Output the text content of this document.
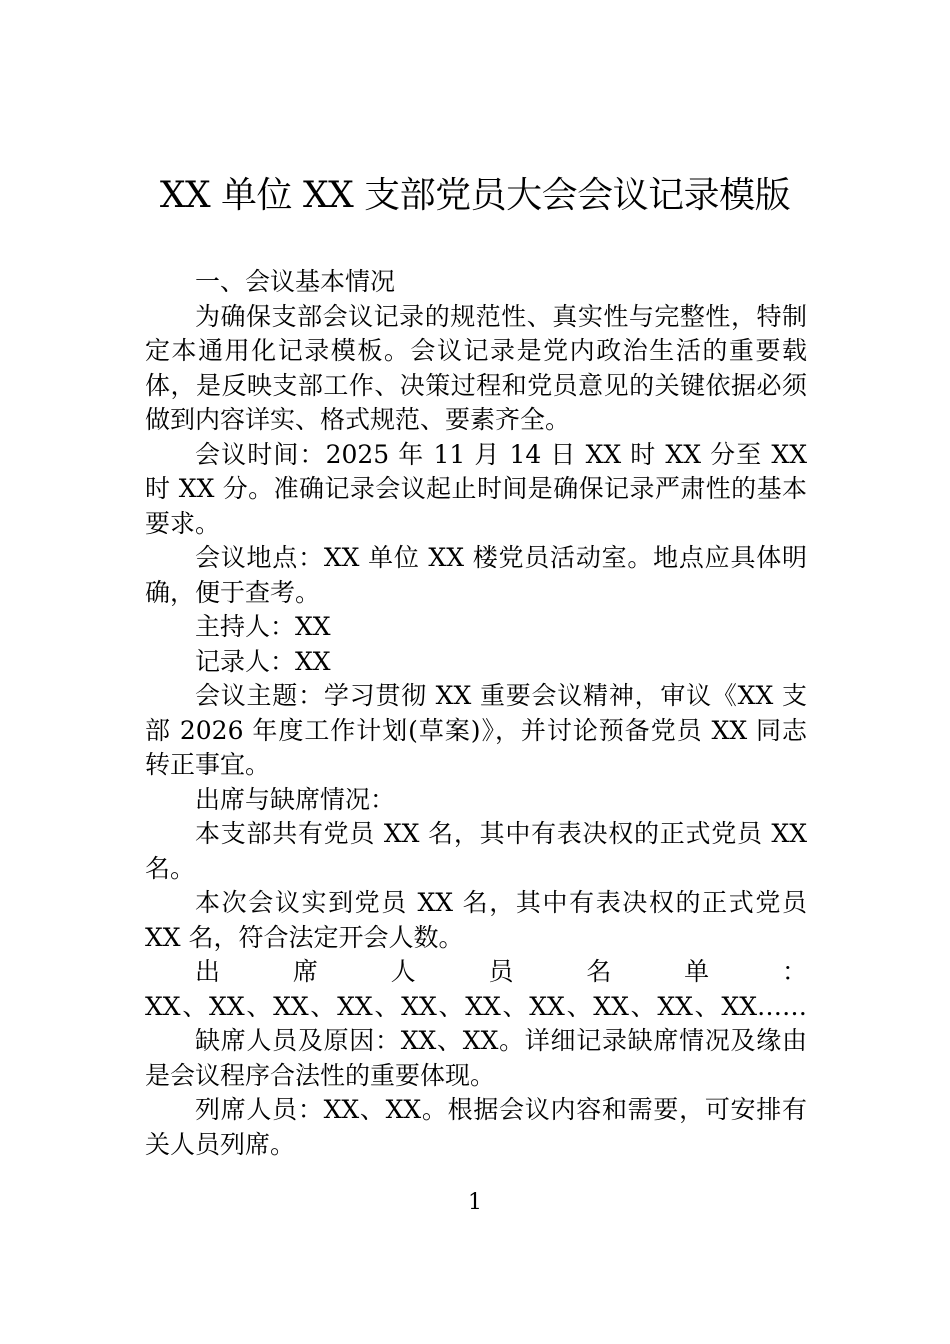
XX 单位 XX 支部党员大会会议记录模版

一、会议基本情况

为确保支部会议记录的规范性、真实性与完整性，特制定本通用化记录模板。会议记录是党内政治生活的重要载体，是反映支部工作、决策过程和党员意见的关键依据必须做到内容详实、格式规范、要素齐全。

会议时间：2025 年 11 月 14 日 XX 时 XX 分至 XX 时 XX 分。准确记录会议起止时间是确保记录严肃性的基本要求。

会议地点：XX 单位 XX 楼党员活动室。地点应具体明确，便于查考。

主持人：XX

记录人：XX

会议主题：学习贯彻 XX 重要会议精神，审议《XX 支部 2026 年度工作计划(草案)》，并讨论预备党员 XX 同志转正事宜。

出席与缺席情况：

本支部共有党员 XX 名，其中有表决权的正式党员 XX 名。

本次会议实到党员 XX 名，其中有表决权的正式党员 XX 名，符合法定开会人数。

出 席 人 员 名 单 ：

XX、XX、XX、XX、XX、XX、XX、XX、XX、XX……

缺席人员及原因：XX、XX。详细记录缺席情况及缘由是会议程序合法性的重要体现。

列席人员：XX、XX。根据会议内容和需要，可安排有关人员列席。

1
